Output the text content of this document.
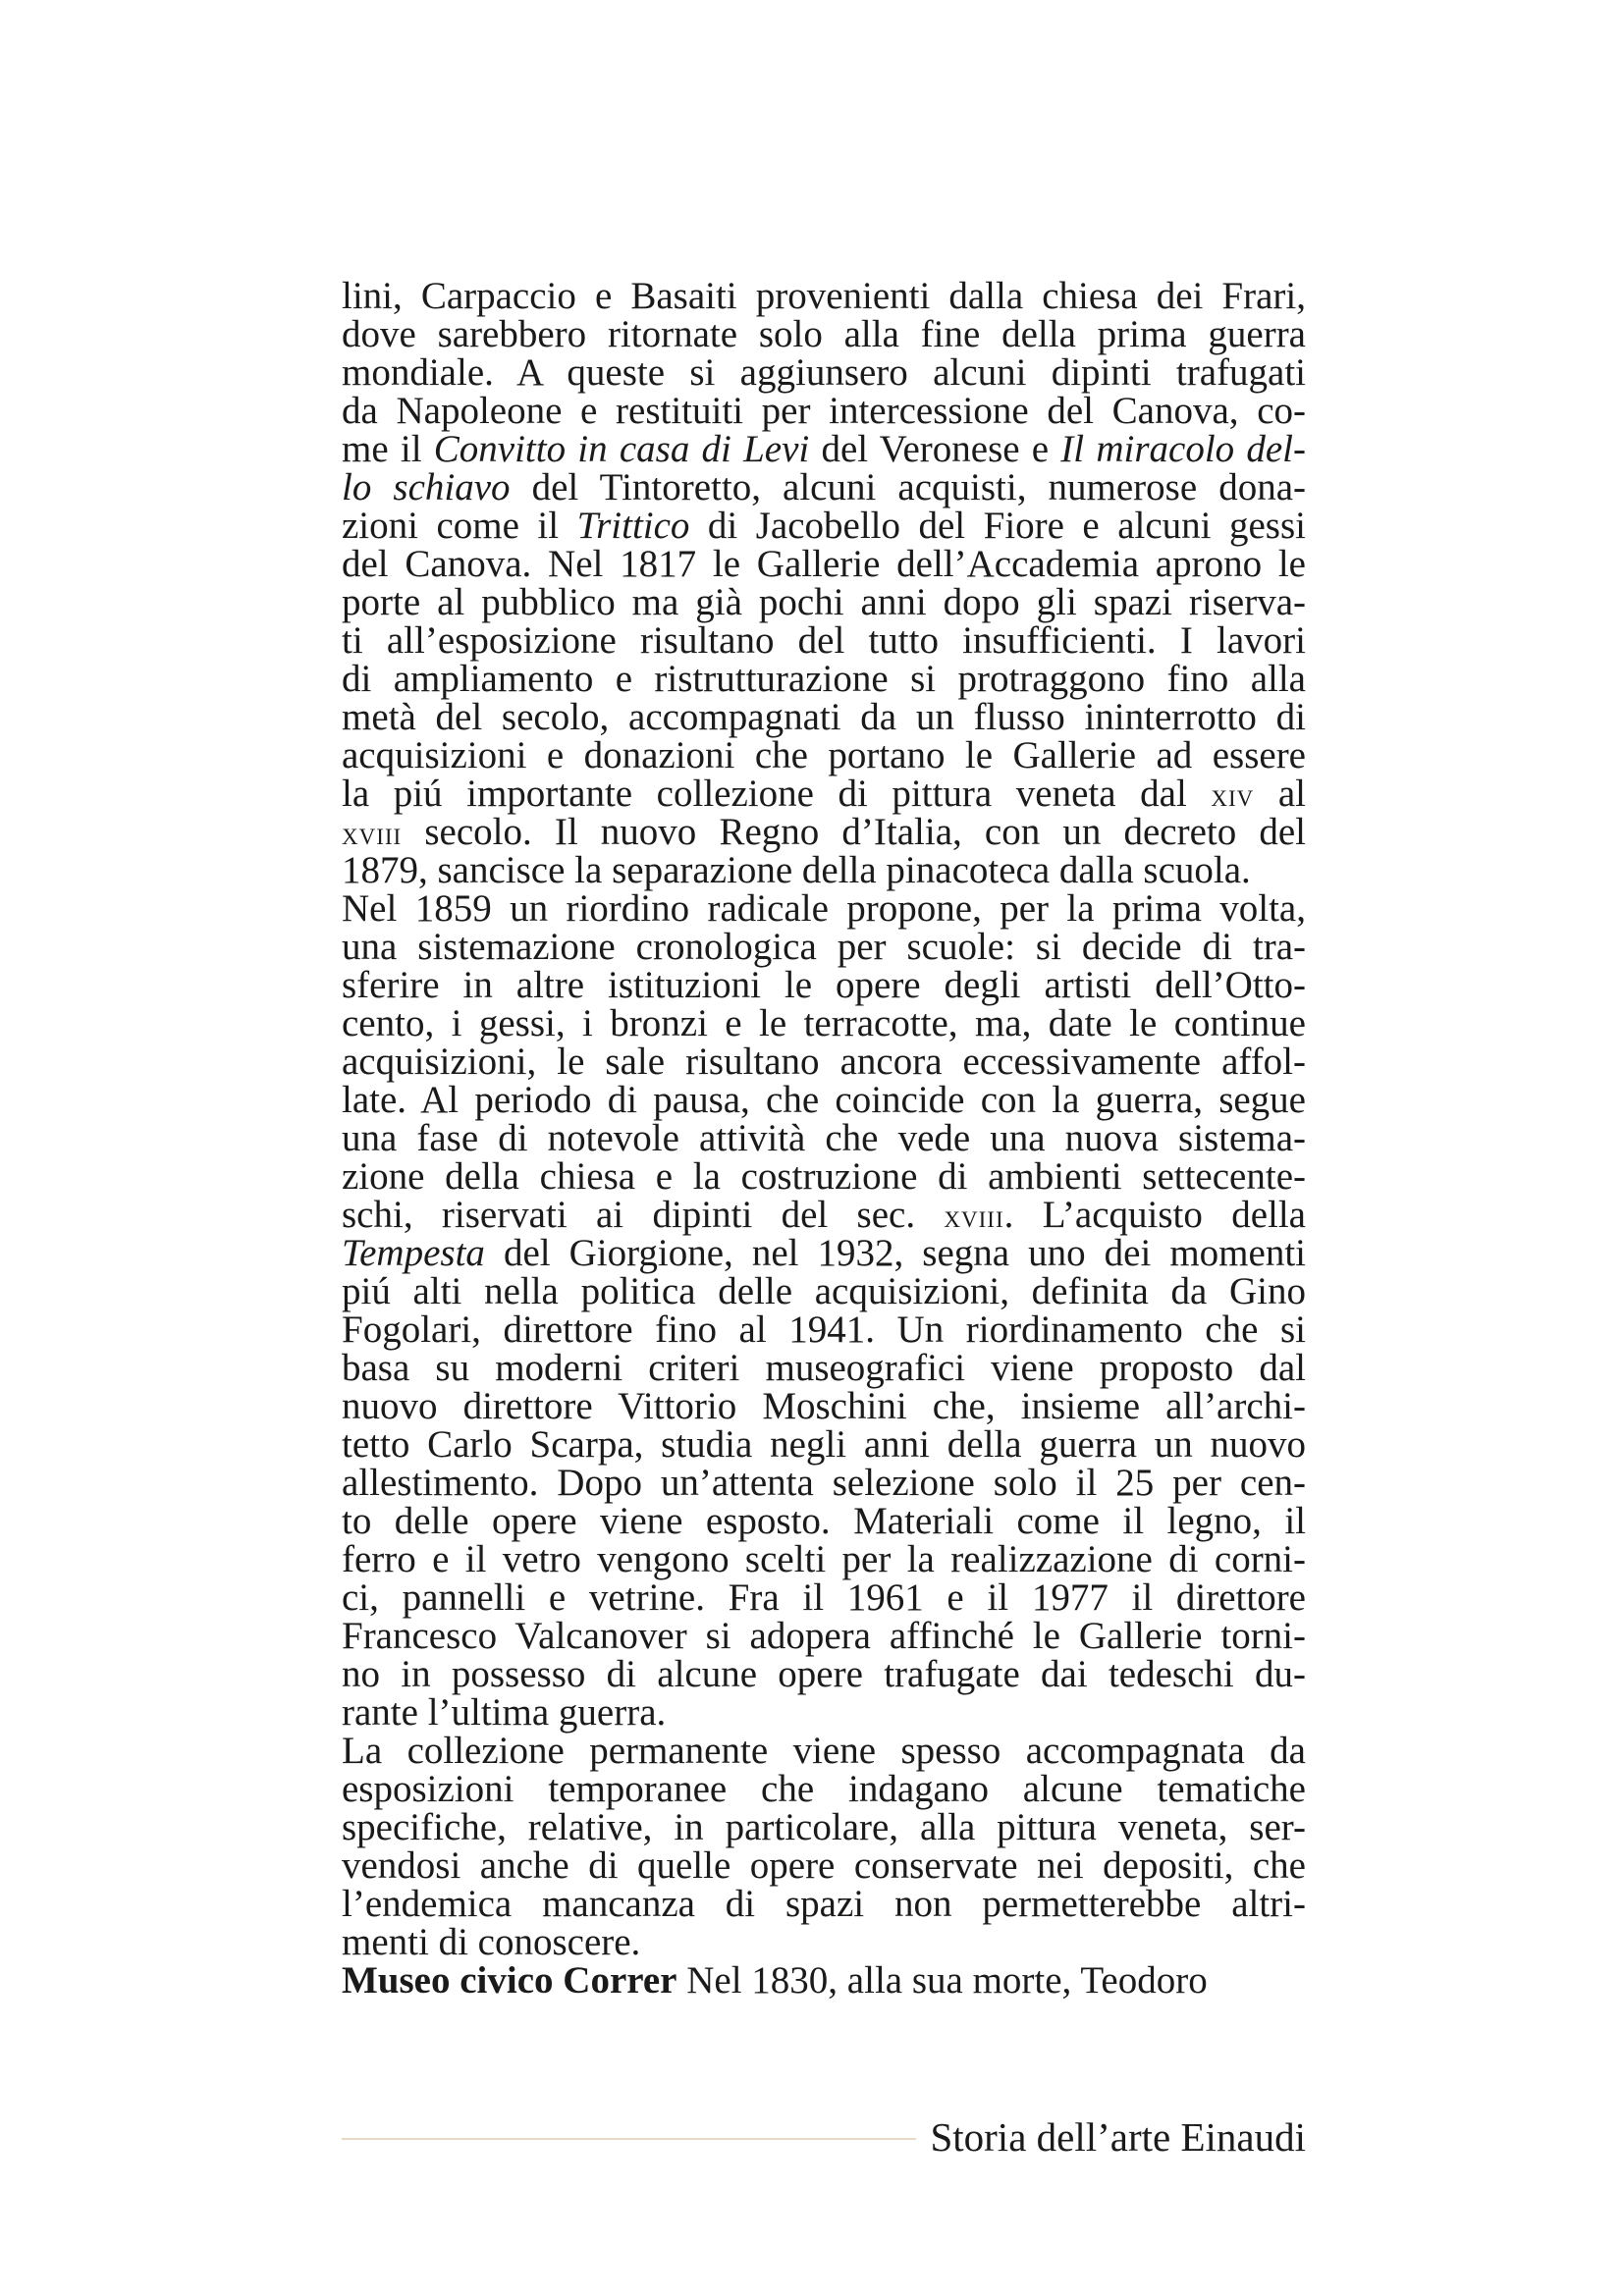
lini, Carpaccio e Basaiti provenienti dalla chiesa dei Frari,
dove sarebbero ritornate solo alla fine della prima guerra
mondiale. A queste si aggiunsero alcuni dipinti trafugati
da Napoleone e restituiti per intercessione del Canova, co-
me il Convitto in casa di Levi del Veronese e Il miracolo del-
lo schiavo del Tintoretto, alcuni acquisti, numerose dona-
zioni come il Trittico di Jacobello del Fiore e alcuni gessi
del Canova. Nel 1817 le Gallerie dell’Accademia aprono le
porte al pubblico ma già pochi anni dopo gli spazi riserva-
ti all’esposizione risultano del tutto insufficienti. I lavori
di ampliamento e ristrutturazione si protraggono fino alla
metà del secolo, accompagnati da un flusso ininterrotto di
acquisizioni e donazioni che portano le Gallerie ad essere
la piú importante collezione di pittura veneta dal xiv al
xviii secolo. Il nuovo Regno d’Italia, con un decreto del
1879, sancisce la separazione della pinacoteca dalla scuola.
Nel 1859 un riordino radicale propone, per la prima volta,
una sistemazione cronologica per scuole: si decide di tra-
sferire in altre istituzioni le opere degli artisti dell’Otto-
cento, i gessi, i bronzi e le terracotte, ma, date le continue
acquisizioni, le sale risultano ancora eccessivamente affol-
late. Al periodo di pausa, che coincide con la guerra, segue
una fase di notevole attività che vede una nuova sistema-
zione della chiesa e la costruzione di ambienti settecente-
schi, riservati ai dipinti del sec. xviii. L’acquisto della
Tempesta del Giorgione, nel 1932, segna uno dei momenti
piú alti nella politica delle acquisizioni, definita da Gino
Fogolari, direttore fino al 1941. Un riordinamento che si
basa su moderni criteri museografici viene proposto dal
nuovo direttore Vittorio Moschini che, insieme all’archi-
tetto Carlo Scarpa, studia negli anni della guerra un nuovo
allestimento. Dopo un’attenta selezione solo il 25 per cen-
to delle opere viene esposto. Materiali come il legno, il
ferro e il vetro vengono scelti per la realizzazione di corni-
ci, pannelli e vetrine. Fra il 1961 e il 1977 il direttore
Francesco Valcanover si adopera affinché le Gallerie torni-
no in possesso di alcune opere trafugate dai tedeschi du-
rante l’ultima guerra.
La collezione permanente viene spesso accompagnata da
esposizioni temporanee che indagano alcune tematiche
specifiche, relative, in particolare, alla pittura veneta, ser-
vendosi anche di quelle opere conservate nei depositi, che
l’endemica mancanza di spazi non permetterebbe altri-
menti di conoscere.
Museo civico Correr Nel 1830, alla sua morte, Teodoro
Storia dell’arte Einaudi
